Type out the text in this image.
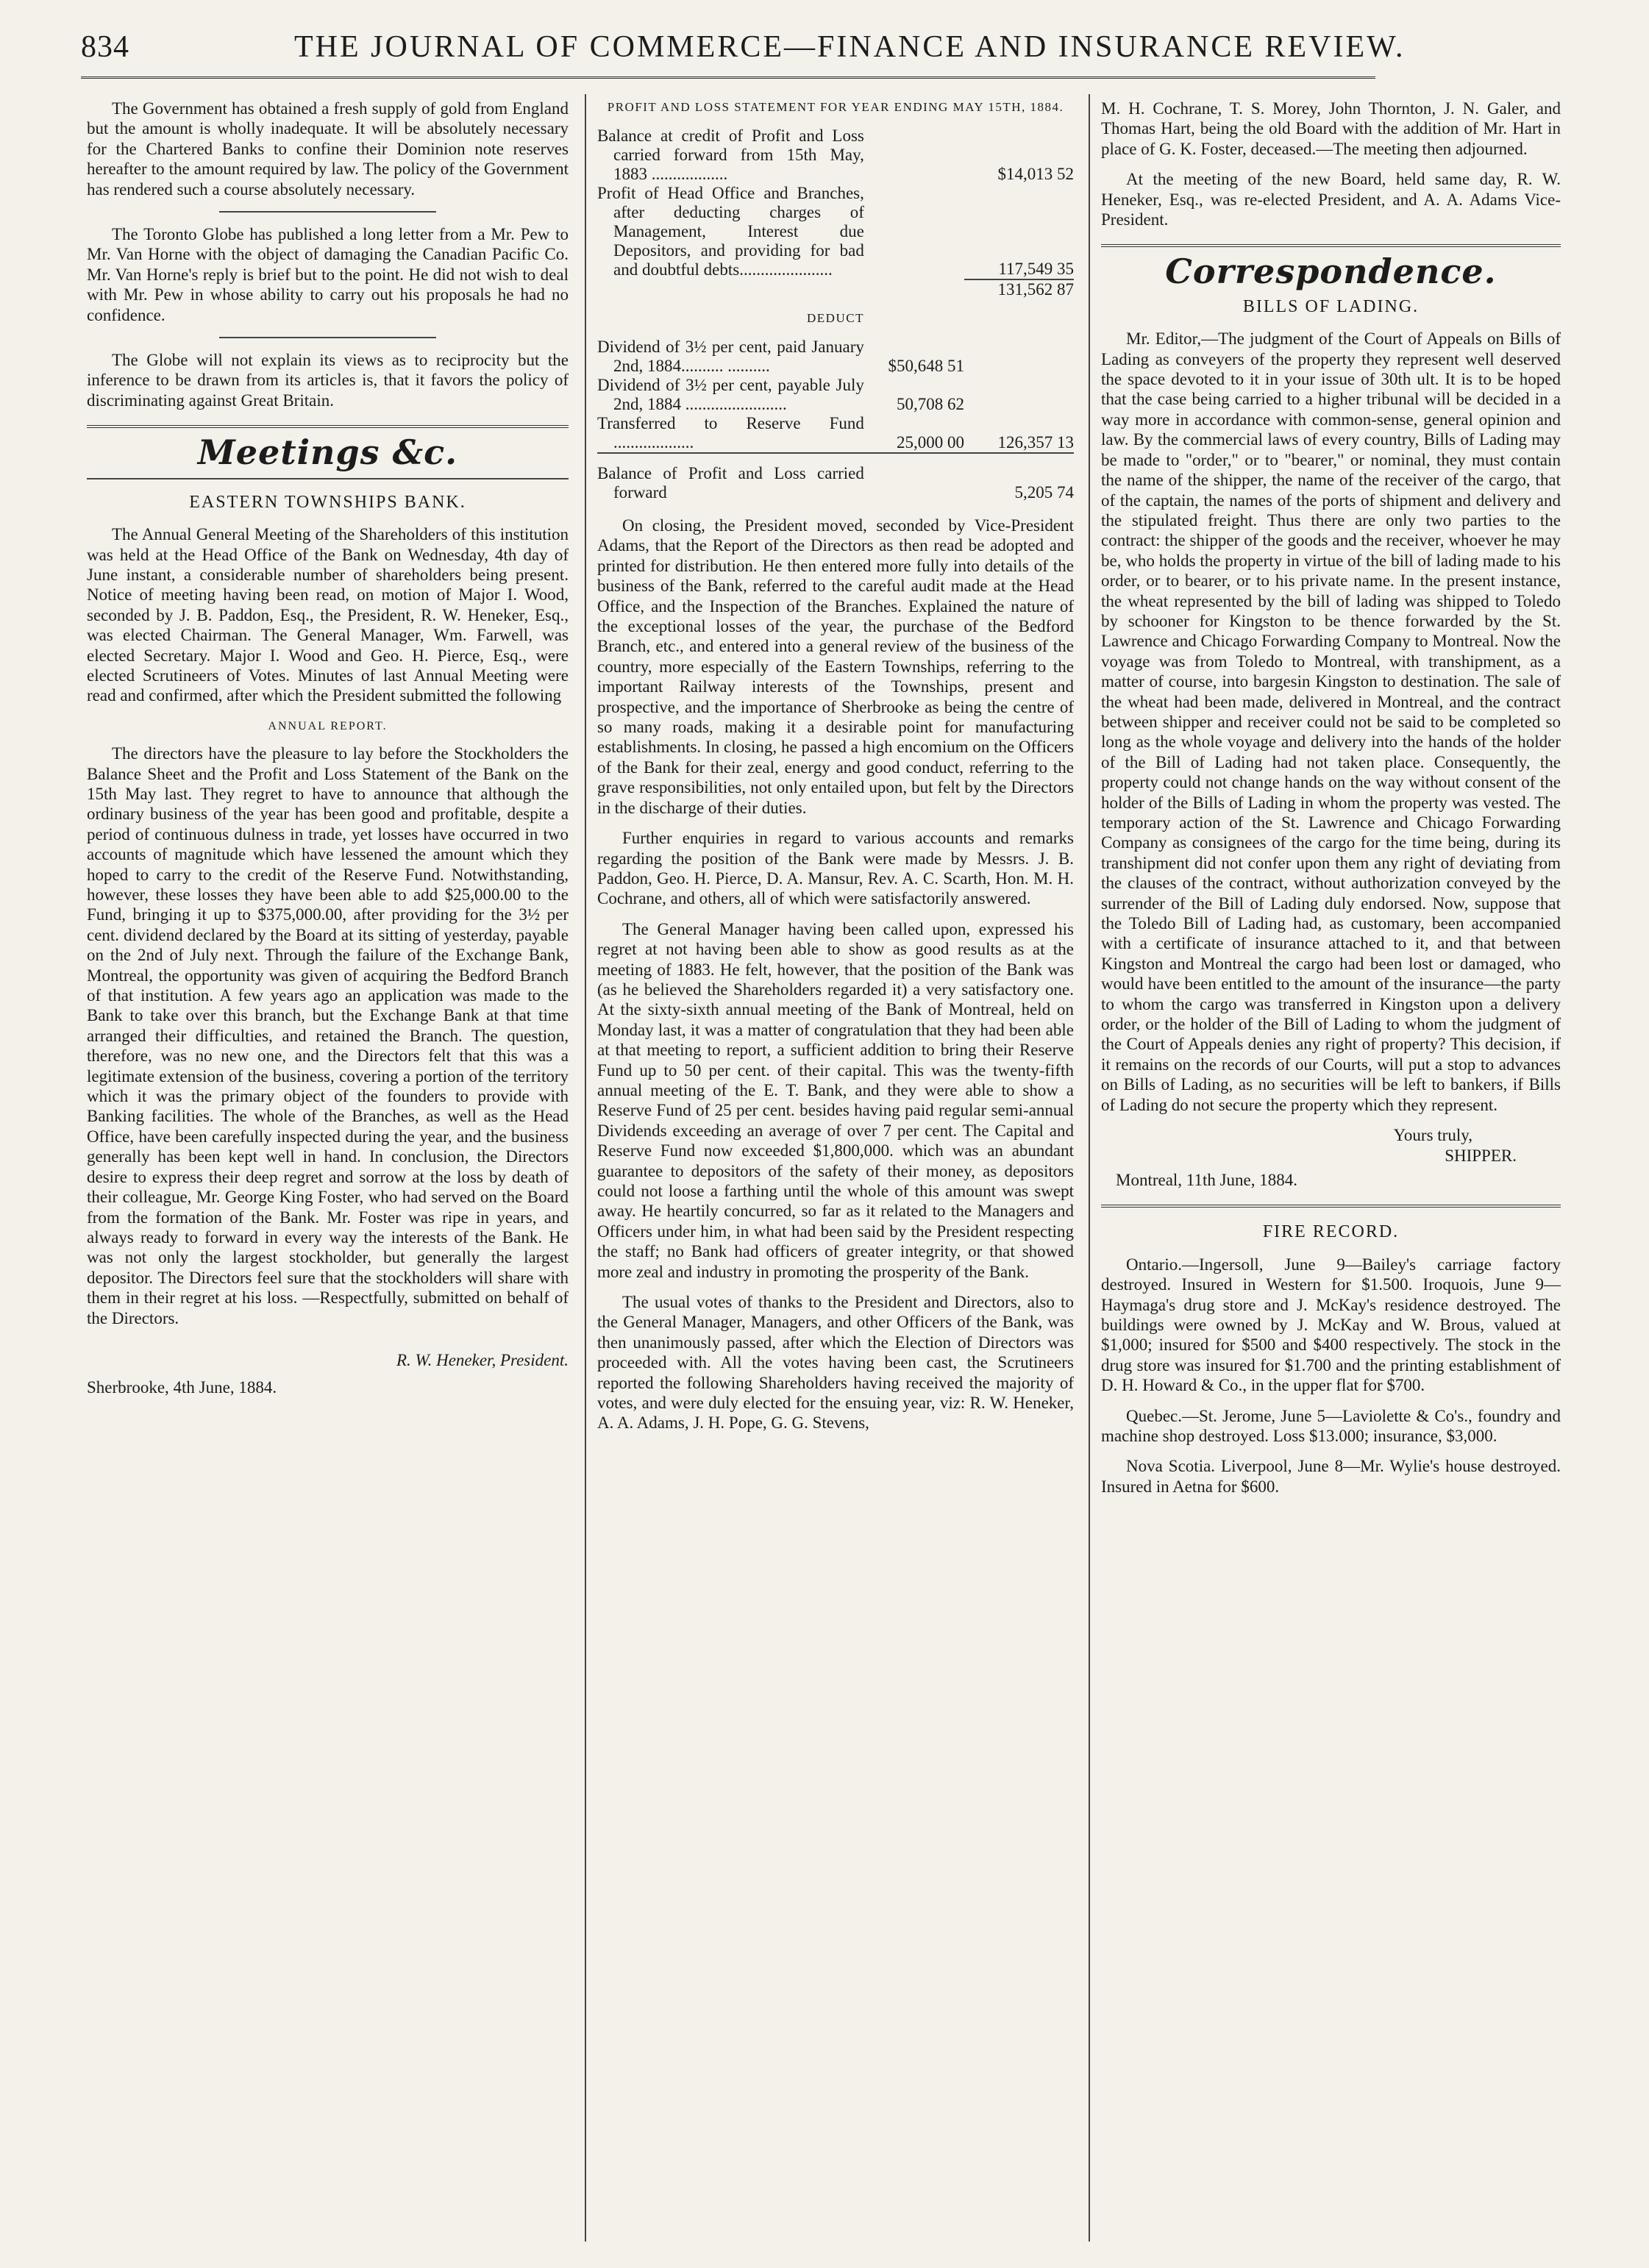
834	THE JOURNAL OF COMMERCE—FINANCE AND INSURANCE REVIEW.

The Government has obtained a fresh supply of gold from England but the amount is wholly inadequate. It will be absolutely necessary for the Chartered Banks to confine their Dominion note reserves hereafter to the amount required by law. The policy of the Government has rendered such a course absolutely necessary.

The Toronto Globe has published a long letter from a Mr. Pew to Mr. Van Horne with the object of damaging the Canadian Pacific Co. Mr. Van Horne's reply is brief but to the point. He did not wish to deal with Mr. Pew in whose ability to carry out his proposals he had no confidence.

The Globe will not explain its views as to reciprocity but the inference to be drawn from its articles is, that it favors the policy of discriminating against Great Britain.

Meetings &c.
EASTERN TOWNSHIPS BANK.

The Annual General Meeting of the Shareholders of this institution was held at the Head Office of the Bank on Wednesday, 4th day of June instant, a considerable number of shareholders being present. Notice of meeting having been read, on motion of Major I. Wood, seconded by J. B. Paddon, Esq., the President, R. W. Heneker, Esq., was elected Chairman. The General Manager, Wm. Farwell, was elected Secretary. Major I. Wood and Geo. H. Pierce, Esq., were elected Scrutineers of Votes. Minutes of last Annual Meeting were read and confirmed, after which the President submitted the following

ANNUAL REPORT.

The directors have the pleasure to lay before the Stockholders the Balance Sheet and the Profit and Loss Statement of the Bank on the 15th May last. They regret to have to announce that although the ordinary business of the year has been good and profitable, despite a period of continuous dulness in trade, yet losses have occurred in two accounts of magnitude which have lessened the amount which they hoped to carry to the credit of the Reserve Fund. Notwithstanding, however, these losses they have been able to add $25,000.00 to the Fund, bringing it up to $375,000.00, after providing for the 3½ per cent. dividend declared by the Board at its sitting of yesterday, payable on the 2nd of July next. Through the failure of the Exchange Bank, Montreal, the opportunity was given of acquiring the Bedford Branch of that institution. A few years ago an application was made to the Bank to take over this branch, but the Exchange Bank at that time arranged their difficulties, and retained the Branch. The question, therefore, was no new one, and the Directors felt that this was a legitimate extension of the business, covering a portion of the territory which it was the primary object of the founders to provide with Banking facilities. The whole of the Branches, as well as the Head Office, have been carefully inspected during the year, and the business generally has been kept well in hand. In conclusion, the Directors desire to express their deep regret and sorrow at the loss by death of their colleague, Mr. George King Foster, who had served on the Board from the formation of the Bank. Mr. Foster was ripe in years, and always ready to forward in every way the interests of the Bank. He was not only the largest stockholder, but generally the largest depositor. The Directors feel sure that the stockholders will share with them in their regret at his loss. —Respectfully, submitted on behalf of the Directors.

R. W. Heneker, President.
Sherbrooke, 4th June, 1884.
PROFIT AND LOSS STATEMENT FOR YEAR ENDING MAY 15TH, 1884.

Balance at credit of Profit and Loss carried forward from 15th May, 1883 ..................		$14,013 52
Profit of Head Office and Branches, after deducting charges of Management, Interest due Depositors, and providing for bad and doubtful debts......................		117,549 35
		131,562 87

DEDUCT		

Dividend of 3½ per cent, paid January 2nd, 1884.......... ..........	$50,648 51	
Dividend of 3½ per cent, payable July 2nd, 1884 ........................	50,708 62	
Transferred to Reserve Fund ...................	25,000 00	126,357 13

Balance of Profit and Loss carried forward		5,205 74

On closing, the President moved, seconded by Vice-President Adams, that the Report of the Directors as then read be adopted and printed for distribution. He then entered more fully into details of the business of the Bank, referred to the careful audit made at the Head Office, and the Inspection of the Branches. Explained the nature of the exceptional losses of the year, the purchase of the Bedford Branch, etc., and entered into a general review of the business of the country, more especially of the Eastern Townships, referring to the important Railway interests of the Townships, present and prospective, and the importance of Sherbrooke as being the centre of so many roads, making it a desirable point for manufacturing establishments. In closing, he passed a high encomium on the Officers of the Bank for their zeal, energy and good conduct, referring to the grave responsibilities, not only entailed upon, but felt by the Directors in the discharge of their duties.

Further enquiries in regard to various accounts and remarks regarding the position of the Bank were made by Messrs. J. B. Paddon, Geo. H. Pierce, D. A. Mansur, Rev. A. C. Scarth, Hon. M. H. Cochrane, and others, all of which were satisfactorily answered.

The General Manager having been called upon, expressed his regret at not having been able to show as good results as at the meeting of 1883. He felt, however, that the position of the Bank was (as he believed the Shareholders regarded it) a very satisfactory one. At the sixty-sixth annual meeting of the Bank of Montreal, held on Monday last, it was a matter of congratulation that they had been able at that meeting to report, a sufficient addition to bring their Reserve Fund up to 50 per cent. of their capital. This was the twenty-fifth annual meeting of the E. T. Bank, and they were able to show a Reserve Fund of 25 per cent. besides having paid regular semi-annual Dividends exceeding an average of over 7 per cent. The Capital and Reserve Fund now exceeded $1,800,000. which was an abundant guarantee to depositors of the safety of their money, as depositors could not loose a farthing until the whole of this amount was swept away. He heartily concurred, so far as it related to the Managers and Officers under him, in what had been said by the President respecting the staff; no Bank had officers of greater integrity, or that showed more zeal and industry in promoting the prosperity of the Bank.

The usual votes of thanks to the President and Directors, also to the General Manager, Managers, and other Officers of the Bank, was then unanimously passed, after which the Election of Directors was proceeded with. All the votes having been cast, the Scrutineers reported the following Shareholders having received the majority of votes, and were duly elected for the ensuing year, viz: R. W. Heneker, A. A. Adams, J. H. Pope, G. G. Stevens,

M. H. Cochrane, T. S. Morey, John Thornton, J. N. Galer, and Thomas Hart, being the old Board with the addition of Mr. Hart in place of G. K. Foster, deceased.—The meeting then adjourned.

At the meeting of the new Board, held same day, R. W. Heneker, Esq., was re-elected President, and A. A. Adams Vice-President.

Correspondence.
BILLS OF LADING.

Mr. Editor,—The judgment of the Court of Appeals on Bills of Lading as conveyers of the property they represent well deserved the space devoted to it in your issue of 30th ult. It is to be hoped that the case being carried to a higher tribunal will be decided in a way more in accordance with common-sense, general opinion and law. By the commercial laws of every country, Bills of Lading may be made to "order," or to "bearer," or nominal, they must contain the name of the shipper, the name of the receiver of the cargo, that of the captain, the names of the ports of shipment and delivery and the stipulated freight. Thus there are only two parties to the contract: the shipper of the goods and the receiver, whoever he may be, who holds the property in virtue of the bill of lading made to his order, or to bearer, or to his private name. In the present instance, the wheat represented by the bill of lading was shipped to Toledo by schooner for Kingston to be thence forwarded by the St. Lawrence and Chicago Forwarding Company to Montreal. Now the voyage was from Toledo to Montreal, with transhipment, as a matter of course, into bargesin Kingston to destination. The sale of the wheat had been made, delivered in Montreal, and the contract between shipper and receiver could not be said to be completed so long as the whole voyage and delivery into the hands of the holder of the Bill of Lading had not taken place. Consequently, the property could not change hands on the way without consent of the holder of the Bills of Lading in whom the property was vested. The temporary action of the St. Lawrence and Chicago Forwarding Company as consignees of the cargo for the time being, during its transhipment did not confer upon them any right of deviating from the clauses of the contract, without authorization conveyed by the surrender of the Bill of Lading duly endorsed. Now, suppose that the Toledo Bill of Lading had, as customary, been accompanied with a certificate of insurance attached to it, and that between Kingston and Montreal the cargo had been lost or damaged, who would have been entitled to the amount of the insurance—the party to whom the cargo was transferred in Kingston upon a delivery order, or the holder of the Bill of Lading to whom the judgment of the Court of Appeals denies any right of property? This decision, if it remains on the records of our Courts, will put a stop to advances on Bills of Lading, as no securities will be left to bankers, if Bills of Lading do not secure the property which they represent.

Yours truly,
SHIPPER.
Montreal, 11th June, 1884.
FIRE RECORD.

Ontario.—Ingersoll, June 9—Bailey's carriage factory destroyed. Insured in Western for $1.500. Iroquois, June 9—Haymaga's drug store and J. McKay's residence destroyed. The buildings were owned by J. McKay and W. Brous, valued at $1,000; insured for $500 and $400 respectively. The stock in the drug store was insured for $1.700 and the printing establishment of D. H. Howard & Co., in the upper flat for $700.

Quebec.—St. Jerome, June 5—Laviolette & Co's., foundry and machine shop destroyed. Loss $13.000; insurance, $3,000.

Nova Scotia. Liverpool, June 8—Mr. Wylie's house destroyed. Insured in Aetna for $600.
